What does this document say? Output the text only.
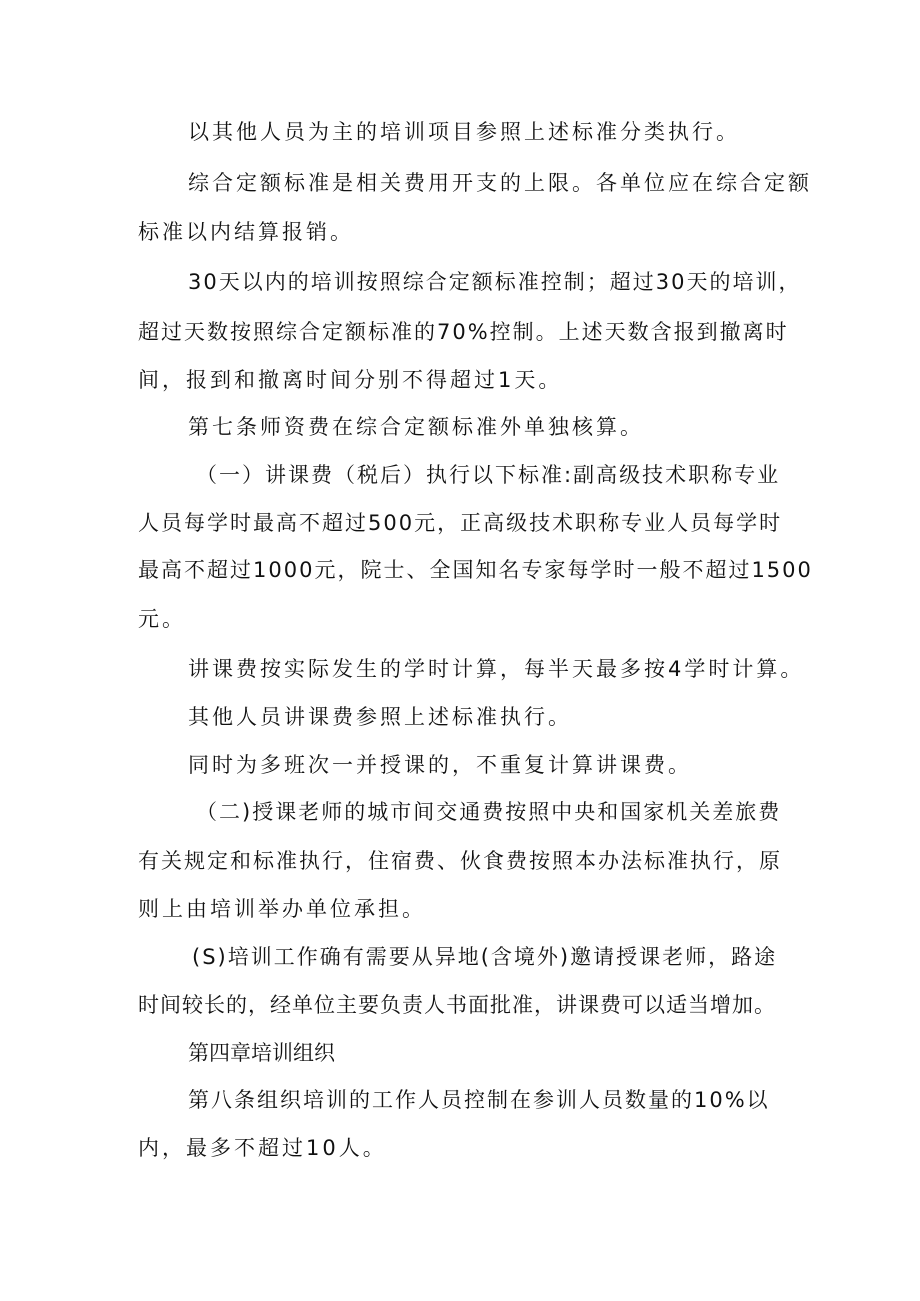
以其他人员为主的培训项目参照上述标准分类执行。

综合定额标准是相关费用开支的上限。各单位应在综合定额

标准以内结算报销。

30天以内的培训按照综合定额标准控制；超过30天的培训，

超过天数按照综合定额标准的70%控制。上述天数含报到撤离时

间，报到和撤离时间分别不得超过1天。

第七条师资费在综合定额标准外单独核算。

（一）讲课费（税后）执行以下标准:副高级技术职称专业

人员每学时最高不超过500元，正高级技术职称专业人员每学时

最高不超过1000元，院士、全国知名专家每学时一般不超过1500

元。

讲课费按实际发生的学时计算，每半天最多按4学时计算。

其他人员讲课费参照上述标准执行。

同时为多班次一并授课的，不重复计算讲课费。

（二)授课老师的城市间交通费按照中央和国家机关差旅费

有关规定和标准执行，住宿费、伙食费按照本办法标准执行，原

则上由培训举办单位承担。

(S)培训工作确有需要从异地(含境外)邀请授课老师，路途

时间较长的，经单位主要负责人书面批准，讲课费可以适当增加。

第四章培训组织

第八条组织培训的工作人员控制在参训人员数量的10%以

内，最多不超过10人。
